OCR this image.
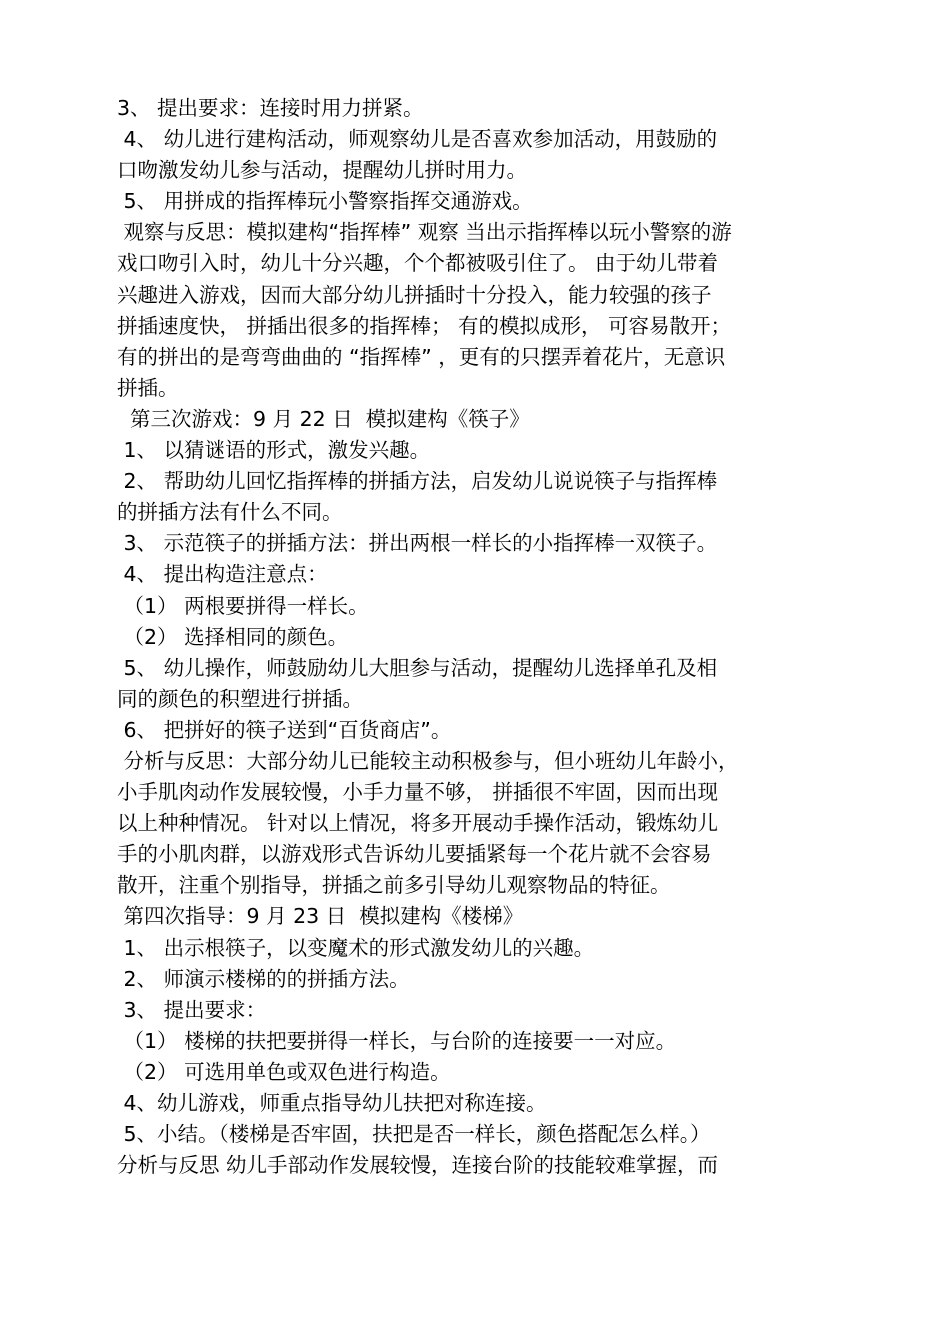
3、 提出要求：连接时用力拼紧。
4、 幼儿进行建构活动，师观察幼儿是否喜欢参加活动，用鼓励的
口吻激发幼儿参与活动，提醒幼儿拼时用力。
5、 用拼成的指挥棒玩小警察指挥交通游戏。
观察与反思：模拟建构“指挥棒” 观察 当出示指挥棒以玩小警察的游
戏口吻引入时，幼儿十分兴趣，个个都被吸引住了。 由于幼儿带着
兴趣进入游戏，因而大部分幼儿拼插时十分投入，能力较强的孩子
拼插速度快， 拼插出很多的指挥棒； 有的模拟成形， 可容易散开；
有的拼出的是弯弯曲曲的 “指挥棒” ，更有的只摆弄着花片，无意识
拼插。
第三次游戏：9 月 22 日  模拟建构《筷子》
1、 以猜谜语的形式，激发兴趣。
2、 帮助幼儿回忆指挥棒的拼插方法，启发幼儿说说筷子与指挥棒
的拼插方法有什么不同。
3、 示范筷子的拼插方法：拼出两根一样长的小指挥棒一双筷子。
4、 提出构造注意点：
（1） 两根要拼得一样长。
（2） 选择相同的颜色。
5、 幼儿操作，师鼓励幼儿大胆参与活动，提醒幼儿选择单孔及相
同的颜色的积塑进行拼插。
6、 把拼好的筷子送到“百货商店”。
分析与反思：大部分幼儿已能较主动积极参与，但小班幼儿年龄小，
小手肌肉动作发展较慢，小手力量不够， 拼插很不牢固，因而出现
以上种种情况。 针对以上情况，将多开展动手操作活动，锻炼幼儿
手的小肌肉群，以游戏形式告诉幼儿要插紧每一个花片就不会容易
散开，注重个别指导，拼插之前多引导幼儿观察物品的特征。
第四次指导：9 月 23 日  模拟建构《楼梯》
1、 出示根筷子，以变魔术的形式激发幼儿的兴趣。
2、 师演示楼梯的的拼插方法。
3、 提出要求：
（1） 楼梯的扶把要拼得一样长，与台阶的连接要一一对应。
（2） 可选用单色或双色进行构造。
4、幼儿游戏，师重点指导幼儿扶把对称连接。
5、小结。（楼梯是否牢固，扶把是否一样长，颜色搭配怎么样。）
分析与反思 幼儿手部动作发展较慢，连接台阶的技能较难掌握，而
